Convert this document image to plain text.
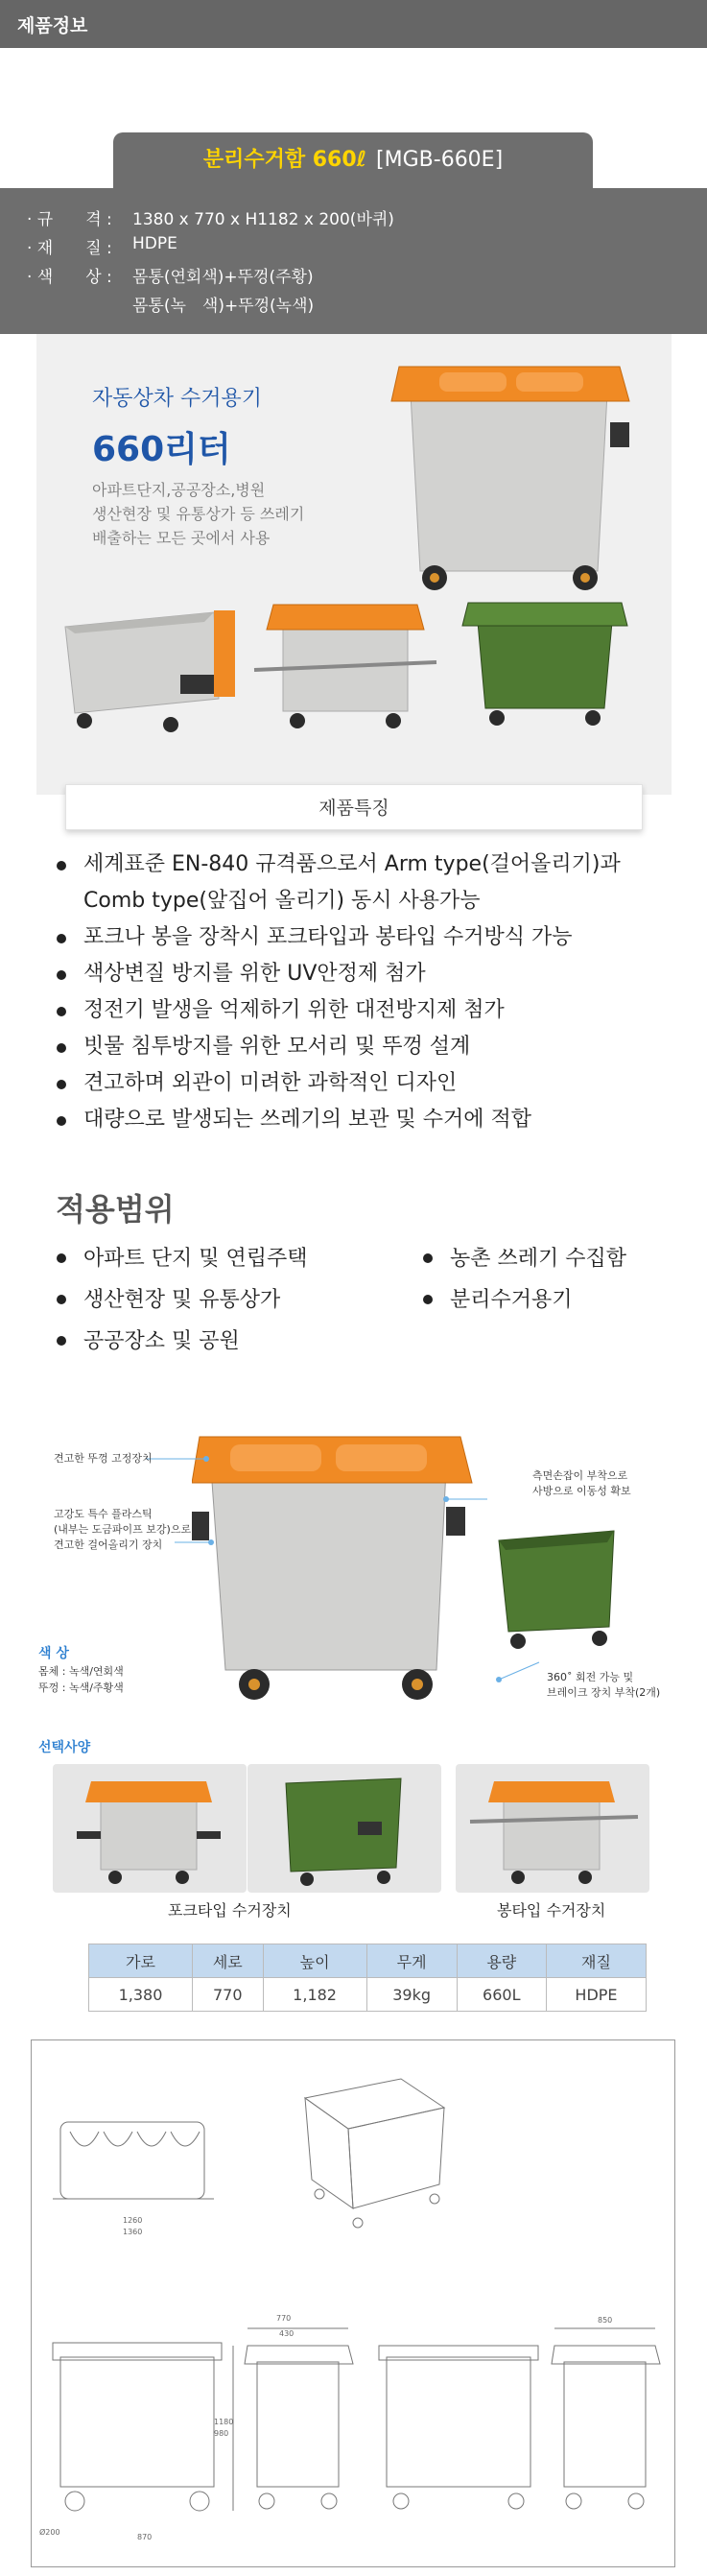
제품정보
분리수거함 660ℓ [MGB-660E]
· 규　　격 : 1380 x 770 x H1182 x 200(바퀴)
· 재　　질 : HDPE
· 색　　상 : 몸통(연회색)+뚜껑(주황)
몸통(녹　색)+뚜껑(녹색)
자동상차 수거용기
660리터
아파트단지,공공장소,병원
생산현장 및 유통상가 등 쓰레기
배출하는 모든 곳에서 사용
제품특징
세계표준 EN-840 규격품으로서 Arm type(걸어올리기)과 Comb type(앞집어 올리기) 동시 사용가능
포크나 봉을 장착시 포크타입과 봉타입 수거방식 가능
색상변질 방지를 위한 UV안정제 첨가
정전기 발생을 억제하기 위한 대전방지제 첨가
빗물 침투방지를 위한 모서리 및 뚜껑 설계
견고하며 외관이 미려한 과학적인 디자인
대량으로 발생되는 쓰레기의 보관 및 수거에 적합
적용범위
아파트 단지 및 연립주택
생산현장 및 유통상가
공공장소 및 공원
농촌 쓰레기 수집함
분리수거용기
견고한 뚜껑 고정장치
고강도 특수 플라스틱
(내부는 도금파이프 보강)으로
견고한 걸어올리기 장치
측면손잡이 부착으로
사방으로 이동성 확보
360˚ 회전 가능 및
브레이크 장치 부착(2개)
색 상
몸체 : 녹색/연회색
뚜껑 : 녹색/주황색
선택사양
포크타입 수거장치	봉타입 수거장치
가로	세로	높이	무게	용량	재질
1,380	770	1,182	39kg	660L	HDPE
1260
1360
Ø200
870
770
430
1180
980
850
